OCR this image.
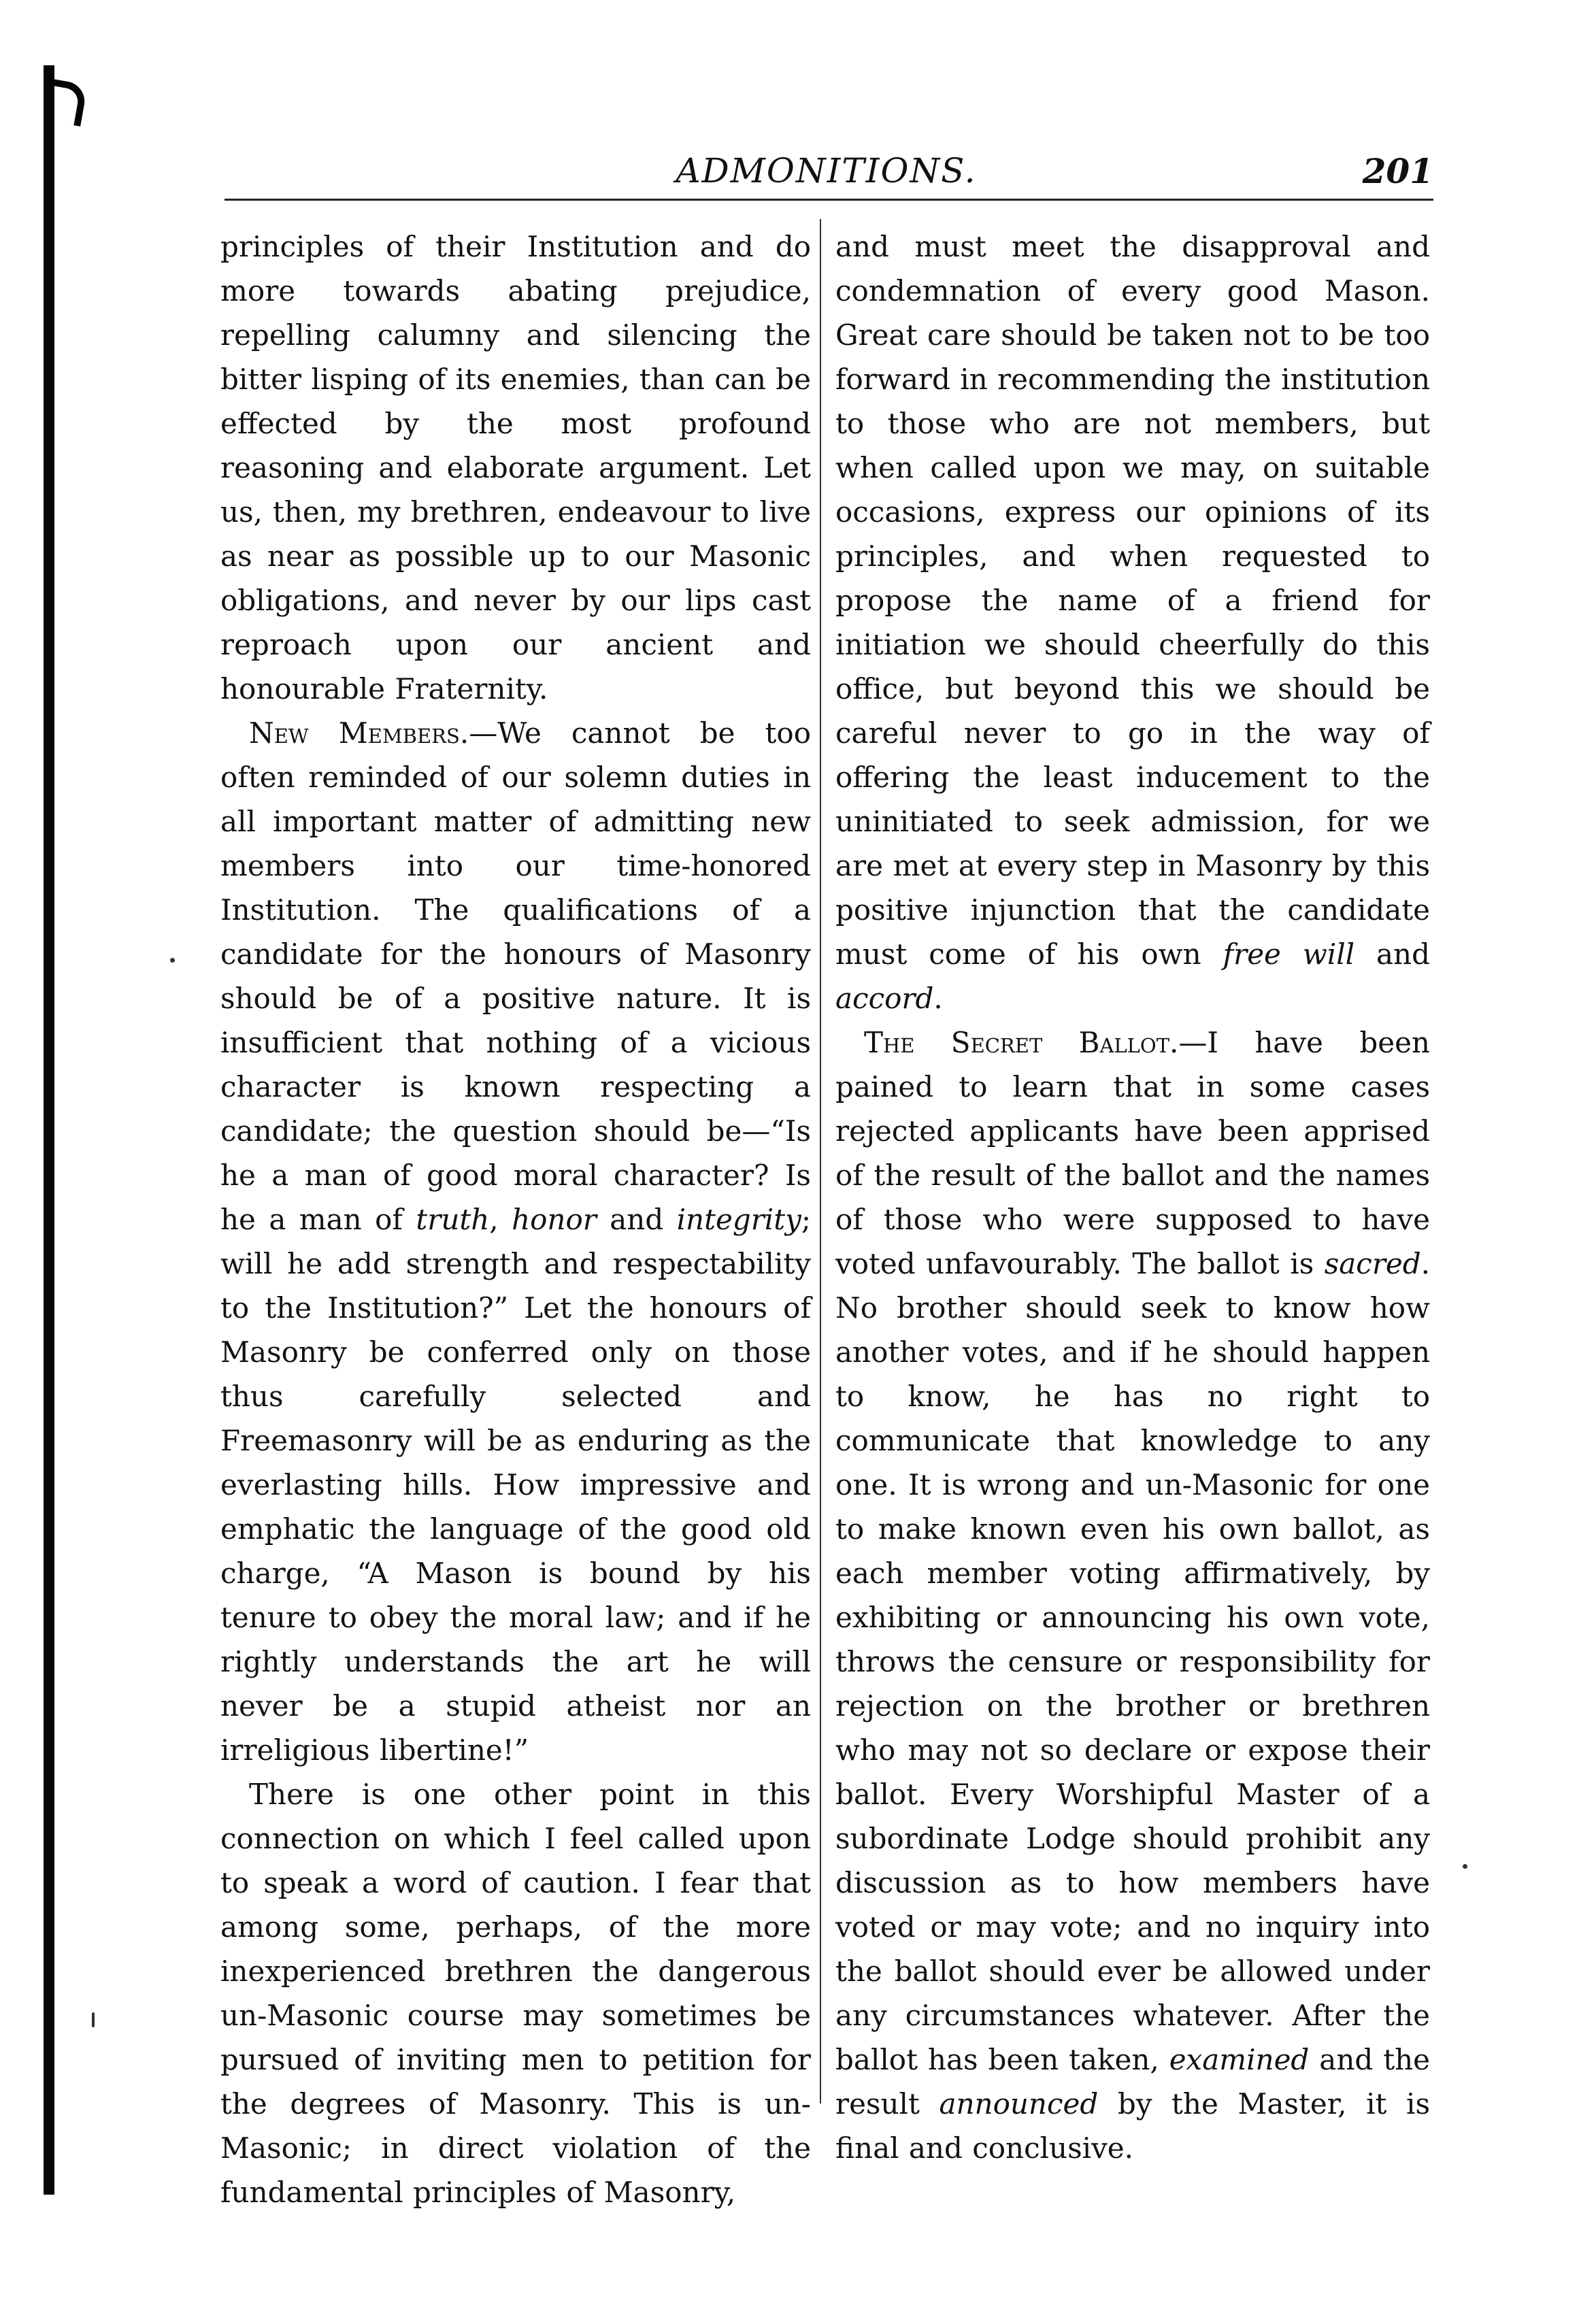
ADMONITIONS.	201

principles of their Institution and do more towards abating prejudice, repelling calumny and silencing the bitter lisping of its enemies, than can be effected by the most profound reasoning and elaborate argument. Let us, then, my brethren, endeavour to live as near as possible up to our Masonic obligations, and never by our lips cast reproach upon our ancient and honourable Fraternity.

New Members.—We cannot be too often reminded of our solemn duties in all important matter of admitting new members into our time-honored Institution. The qualifications of a candidate for the honours of Masonry should be of a positive nature. It is insufficient that nothing of a vicious character is known respecting a candidate; the question should be—“Is he a man of good moral character? Is he a man of truth, honor and integrity; will he add strength and respectability to the Institution?” Let the honours of Masonry be conferred only on those thus carefully selected and Freemasonry will be as enduring as the everlasting hills. How impressive and emphatic the language of the good old charge, “A Mason is bound by his tenure to obey the moral law; and if he rightly understands the art he will never be a stupid atheist nor an irreligious libertine!”

There is one other point in this connection on which I feel called upon to speak a word of caution. I fear that among some, perhaps, of the more inexperienced brethren the dangerous un-Masonic course may sometimes be pursued of inviting men to petition for the degrees of Masonry. This is un-Masonic; in direct violation of the fundamental principles of Masonry,

and must meet the disapproval and condemnation of every good Mason. Great care should be taken not to be too forward in recommending the institution to those who are not members, but when called upon we may, on suitable occasions, express our opinions of its principles, and when requested to propose the name of a friend for initiation we should cheerfully do this office, but beyond this we should be careful never to go in the way of offering the least inducement to the uninitiated to seek admission, for we are met at every step in Masonry by this positive injunction that the candidate must come of his own free will and accord.

The Secret Ballot.—I have been pained to learn that in some cases rejected applicants have been apprised of the result of the ballot and the names of those who were supposed to have voted unfavourably. The ballot is sacred. No brother should seek to know how another votes, and if he should happen to know, he has no right to communicate that knowledge to any one. It is wrong and un-Masonic for one to make known even his own ballot, as each member voting affirmatively, by exhibiting or announcing his own vote, throws the censure or responsibility for rejection on the brother or brethren who may not so declare or expose their ballot. Every Worshipful Master of a subordinate Lodge should prohibit any discussion as to how members have voted or may vote; and no inquiry into the ballot should ever be allowed under any circumstances whatever. After the ballot has been taken, examined and the result announced by the Master, it is final and conclusive.
